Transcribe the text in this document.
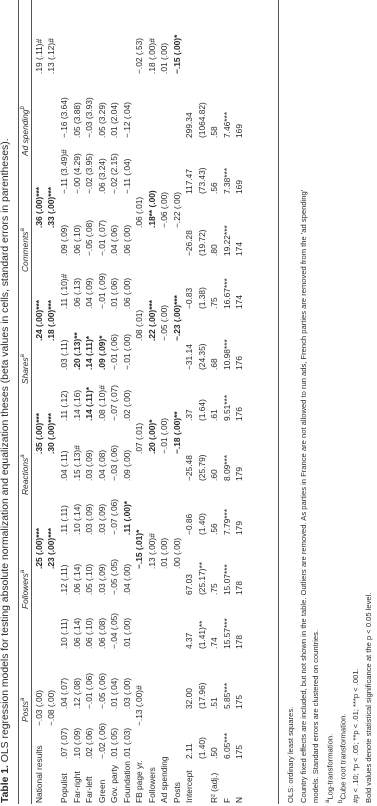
Table 1. OLS regression models for testing absolute normalization and equalization theses (beta values in cells, standard errors in parentheses). Posts$^a$
Followers$^a$
Reactions$^a$
Shares$^a$
Comments$^a$
Ad spending$^b$
National results
−.03 (.00)
.25 (.00)***
.35 (.00)***
.24 (.00)***
.36 (.00)***
.19 (.11)#
−.08 (.00)
.23 (.00)***
.30 (.00)***
.18 (.00)***
.33 (.00)***
.13 (.12)#
Populist
.07 (.07)
.04 (.07)
.10 (.11)
.12 (.11)
.11 (.11)
.04 (.11)
.11 (.12)
.03 (.11)
.11 (.10)#
.09 (.09)
−.11 (3.49)#
−.16 (3.64)
Far-right
.10 (.09)
.12 (.08)
.06 (.14)
.06 (.14)
.10 (.14)
.15 (.13)#
.14 (.16)
.20 (.13)**
.06 (.13)
.06 (.10)
−.00 (4.29)
.05 (3.88)
Far-left
.02 (.06)
−.01 (.06)
.06 (.10)
.05 (.10)
.03 (.09)
.03 (.09)
.14 (.11)*
.14 (.11)*
.04 (.09)
−.05 (.08)
−.02 (3.95)
−.03 (3.93)
Green
−.02 (.06)
−.05 (.06)
.06 (.08)
.03 (.09)
.03 (.09)
.04 (.08)
.08 (.10)#
.09 (.09)*
−.01 (.09)
−.01 (.07)
.06 (3.24)
.05 (3.29)
Gov. party
.01 (.05)
.01 (.04)
−.04 (.05)
−.05 (.05)
−.07 (.06)
−.03 (.06)
−.07 (.07)
−.01 (.06)
.01 (.06)
.04 (.06)
−.02 (2.15)
.01 (2.04)
Foundation
.01 (.03)
.03 (.00)
.01 (.00)
.04 (.00)
.11 (.00)*
.09 (.00)
.02 (.00)
−.01 (.00)
.06 (.00)
.06 (.00)
−.11 (.04)
−.12 (.04)
FB page yr.
−.13 (.00)#
−.15 (.01)*
.07 (.01)
.08 (.01)
.06 (.01)
−.02 (.53)
Followers
.13 (.00)#
.20 (.00)*
.22 (.00)***
.18** (.00)
.18 (.00)#
Ad spending
.01 (.00)
−.01 (.00)
−.05 (.00)
−.06 (.00)
.01 (.00)
Posts
.00 (.00)
−.18 (.00)**
−.23 (.00)***
−.22 (.00)
−.15 (.00)*
Intercept
2.11
32.00
4.37
67.03
−0.86
−25.48
.37
−31.14
−0.83
−26.28
117.47
299.34
(1.40)
(17.96)
(1.41)**
(25.17)**
(1.40)
(25.79)
(1.64)
(24.35)
(1.38)
(19.72)
(73.43)
(1064.82)
R² (adj.)
.50
.51
.74
.75
.56
.60
.61
.68
.75
.80
.56
.58
F
6.05***
5.85***
15.57***
15.07***
7.79***
8.09***
9.51***
10.98***
16.67***
19.22***
7.38***
7.46***
N
175
175
178
178
179
179
176
176
174
174
169
169
OLS: ordinary least squares. Country fixed effects are included, but not shown in the table. Outliers are removed. As parties in France are not allowed to run ads, French parties are removed from the 'ad spending' models. Standard errors are clustered on countries. $^a$Log-transformation.
$^b$Cube root transformation. #p < .10; *p < .05; **p < .01; ***p < .001. Bold values denote statistical significance at the p < 0.05 level.
